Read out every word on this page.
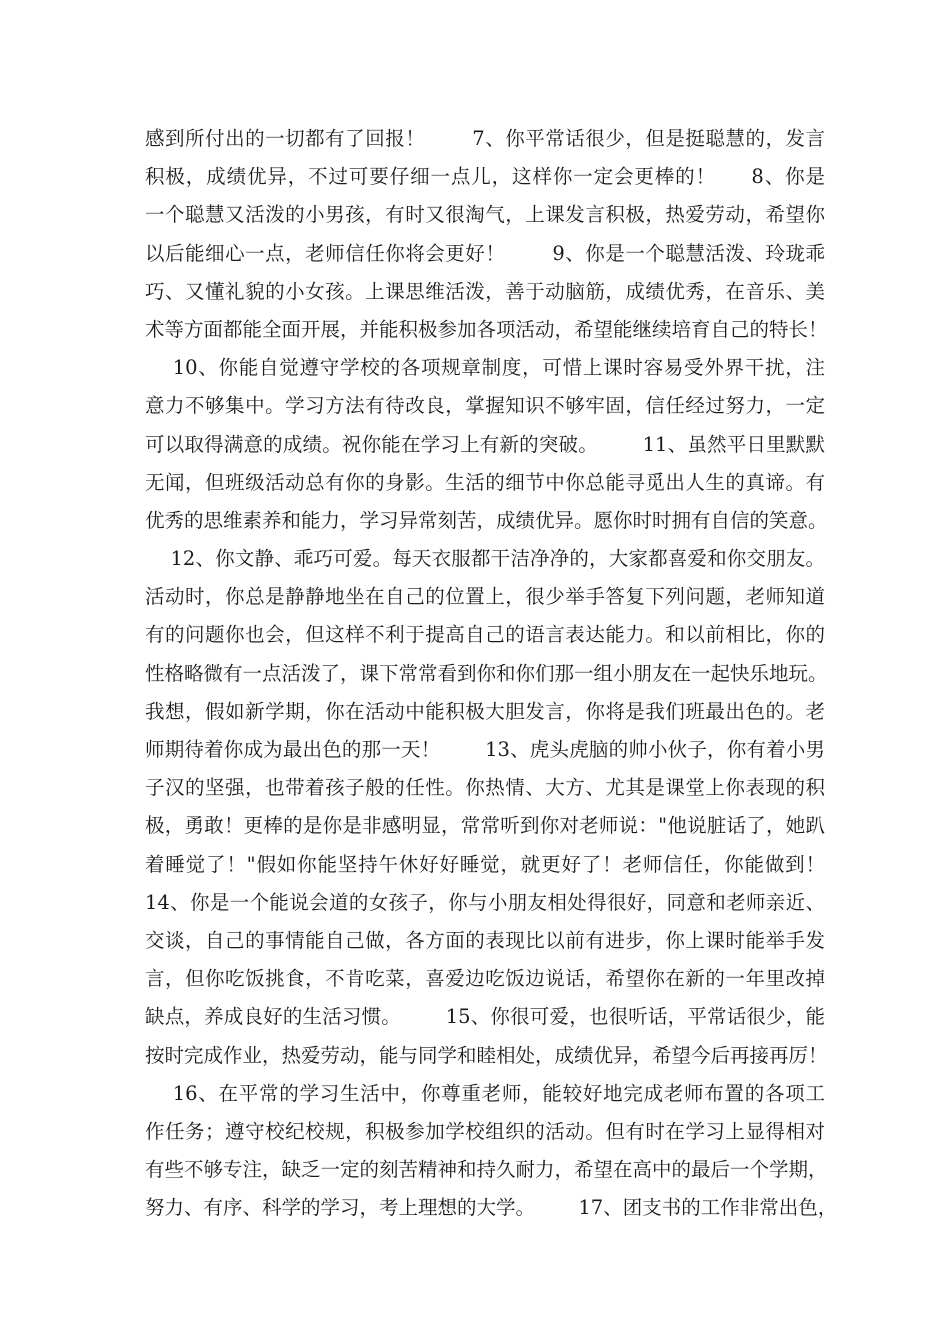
感到所付出的一切都有了回报！       7、你平常话很少，但是挺聪慧的，发言
积极，成绩优异，不过可要仔细一点儿，这样你一定会更棒的！     8、你是
一个聪慧又活泼的小男孩，有时又很淘气，上课发言积极，热爱劳动，希望你
以后能细心一点，老师信任你将会更好！       9、你是一个聪慧活泼、玲珑乖
巧、又懂礼貌的小女孩。上课思维活泼，善于动脑筋，成绩优秀，在音乐、美
术等方面都能全面开展，并能积极参加各项活动，希望能继续培育自己的特长！
10、你能自觉遵守学校的各项规章制度，可惜上课时容易受外界干扰，注
意力不够集中。学习方法有待改良，掌握知识不够牢固，信任经过努力，一定
可以取得满意的成绩。祝你能在学习上有新的突破。       11、虽然平日里默默
无闻，但班级活动总有你的身影。生活的细节中你总能寻觅出人生的真谛。有
优秀的思维素养和能力，学习异常刻苦，成绩优异。愿你时时拥有自信的笑意。
12、你文静、乖巧可爱。每天衣服都干洁净净的，大家都喜爱和你交朋友。
活动时，你总是静静地坐在自己的位置上，很少举手答复下列问题，老师知道
有的问题你也会，但这样不利于提高自己的语言表达能力。和以前相比，你的
性格略微有一点活泼了，课下常常看到你和你们那一组小朋友在一起快乐地玩。
我想，假如新学期，你在活动中能积极大胆发言，你将是我们班最出色的。老
师期待着你成为最出色的那一天！       13、虎头虎脑的帅小伙子，你有着小男
子汉的坚强，也带着孩子般的任性。你热情、大方、尤其是课堂上你表现的积
极，勇敢！更棒的是你是非感明显，常常听到你对老师说："他说脏话了，她趴
着睡觉了！"假如你能坚持午休好好睡觉，就更好了！老师信任，你能做到！
14、你是一个能说会道的女孩子，你与小朋友相处得很好，同意和老师亲近、
交谈，自己的事情能自己做，各方面的表现比以前有进步，你上课时能举手发
言，但你吃饭挑食，不肯吃菜，喜爱边吃饭边说话，希望你在新的一年里改掉
缺点，养成良好的生活习惯。       15、你很可爱，也很听话，平常话很少，能
按时完成作业，热爱劳动，能与同学和睦相处，成绩优异，希望今后再接再厉！
16、在平常的学习生活中，你尊重老师，能较好地完成老师布置的各项工
作任务；遵守校纪校规，积极参加学校组织的活动。但有时在学习上显得相对
有些不够专注，缺乏一定的刻苦精神和持久耐力，希望在高中的最后一个学期，
努力、有序、科学的学习，考上理想的大学。       17、团支书的工作非常出色，
